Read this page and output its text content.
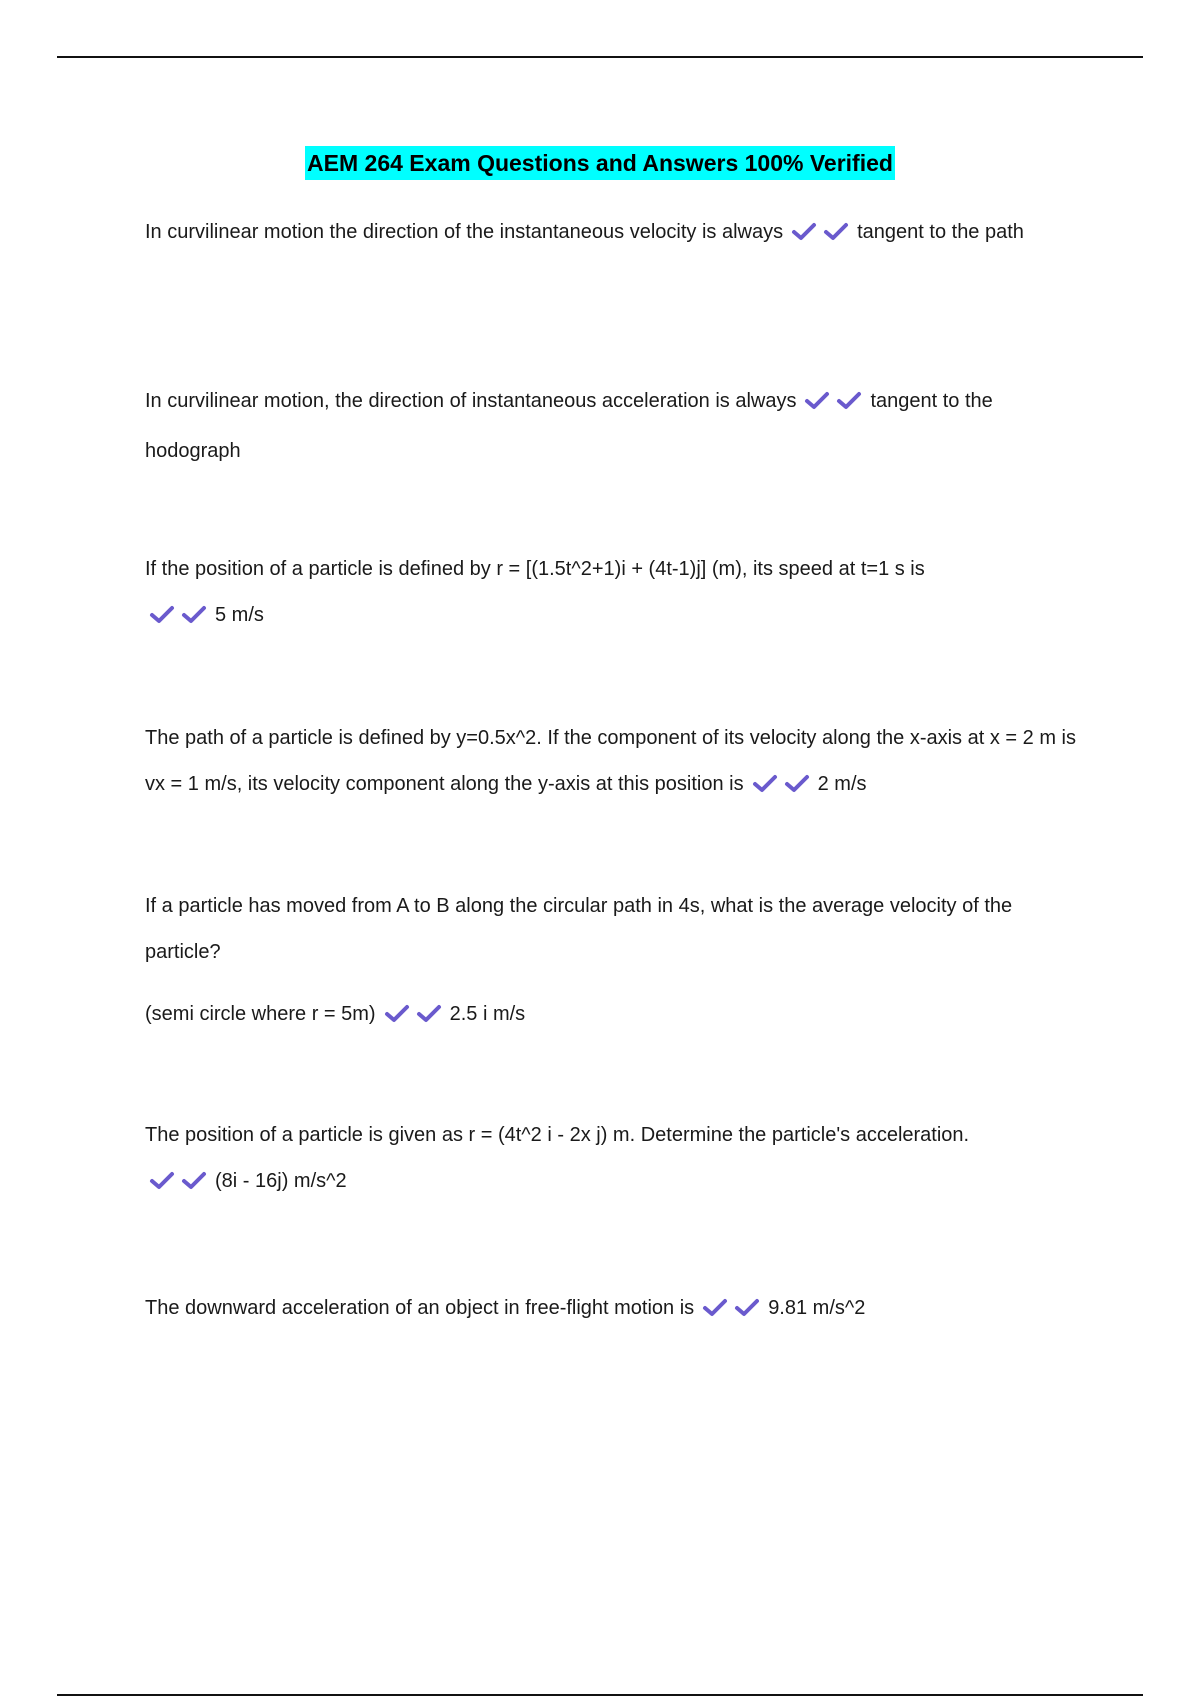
AEM 264 Exam Questions and Answers 100% Verified
In curvilinear motion the direction of the instantaneous velocity is always	tangent to the path
In curvilinear motion, the direction of instantaneous acceleration is always	tangent to the hodograph
If the position of a particle is defined by r = [(1.5t^2+1)i + (4t-1)j] (m), its speed at t=1 s is

5 m/s
The path of a particle is defined by y=0.5x^2. If the component of its velocity along the x-axis at x = 2 m is vx = 1 m/s, its velocity component along the y-axis at this position is	2 m/s
If a particle has moved from A to B along the circular path in 4s, what is the average velocity of the particle?
(semi circle where r = 5m)	2.5 i m/s
The position of a particle is given as r = (4t^2 i - 2x j) m. Determine the particle's acceleration.

(8i - 16j) m/s^2
The downward acceleration of an object in free-flight motion is	9.81 m/s^2
